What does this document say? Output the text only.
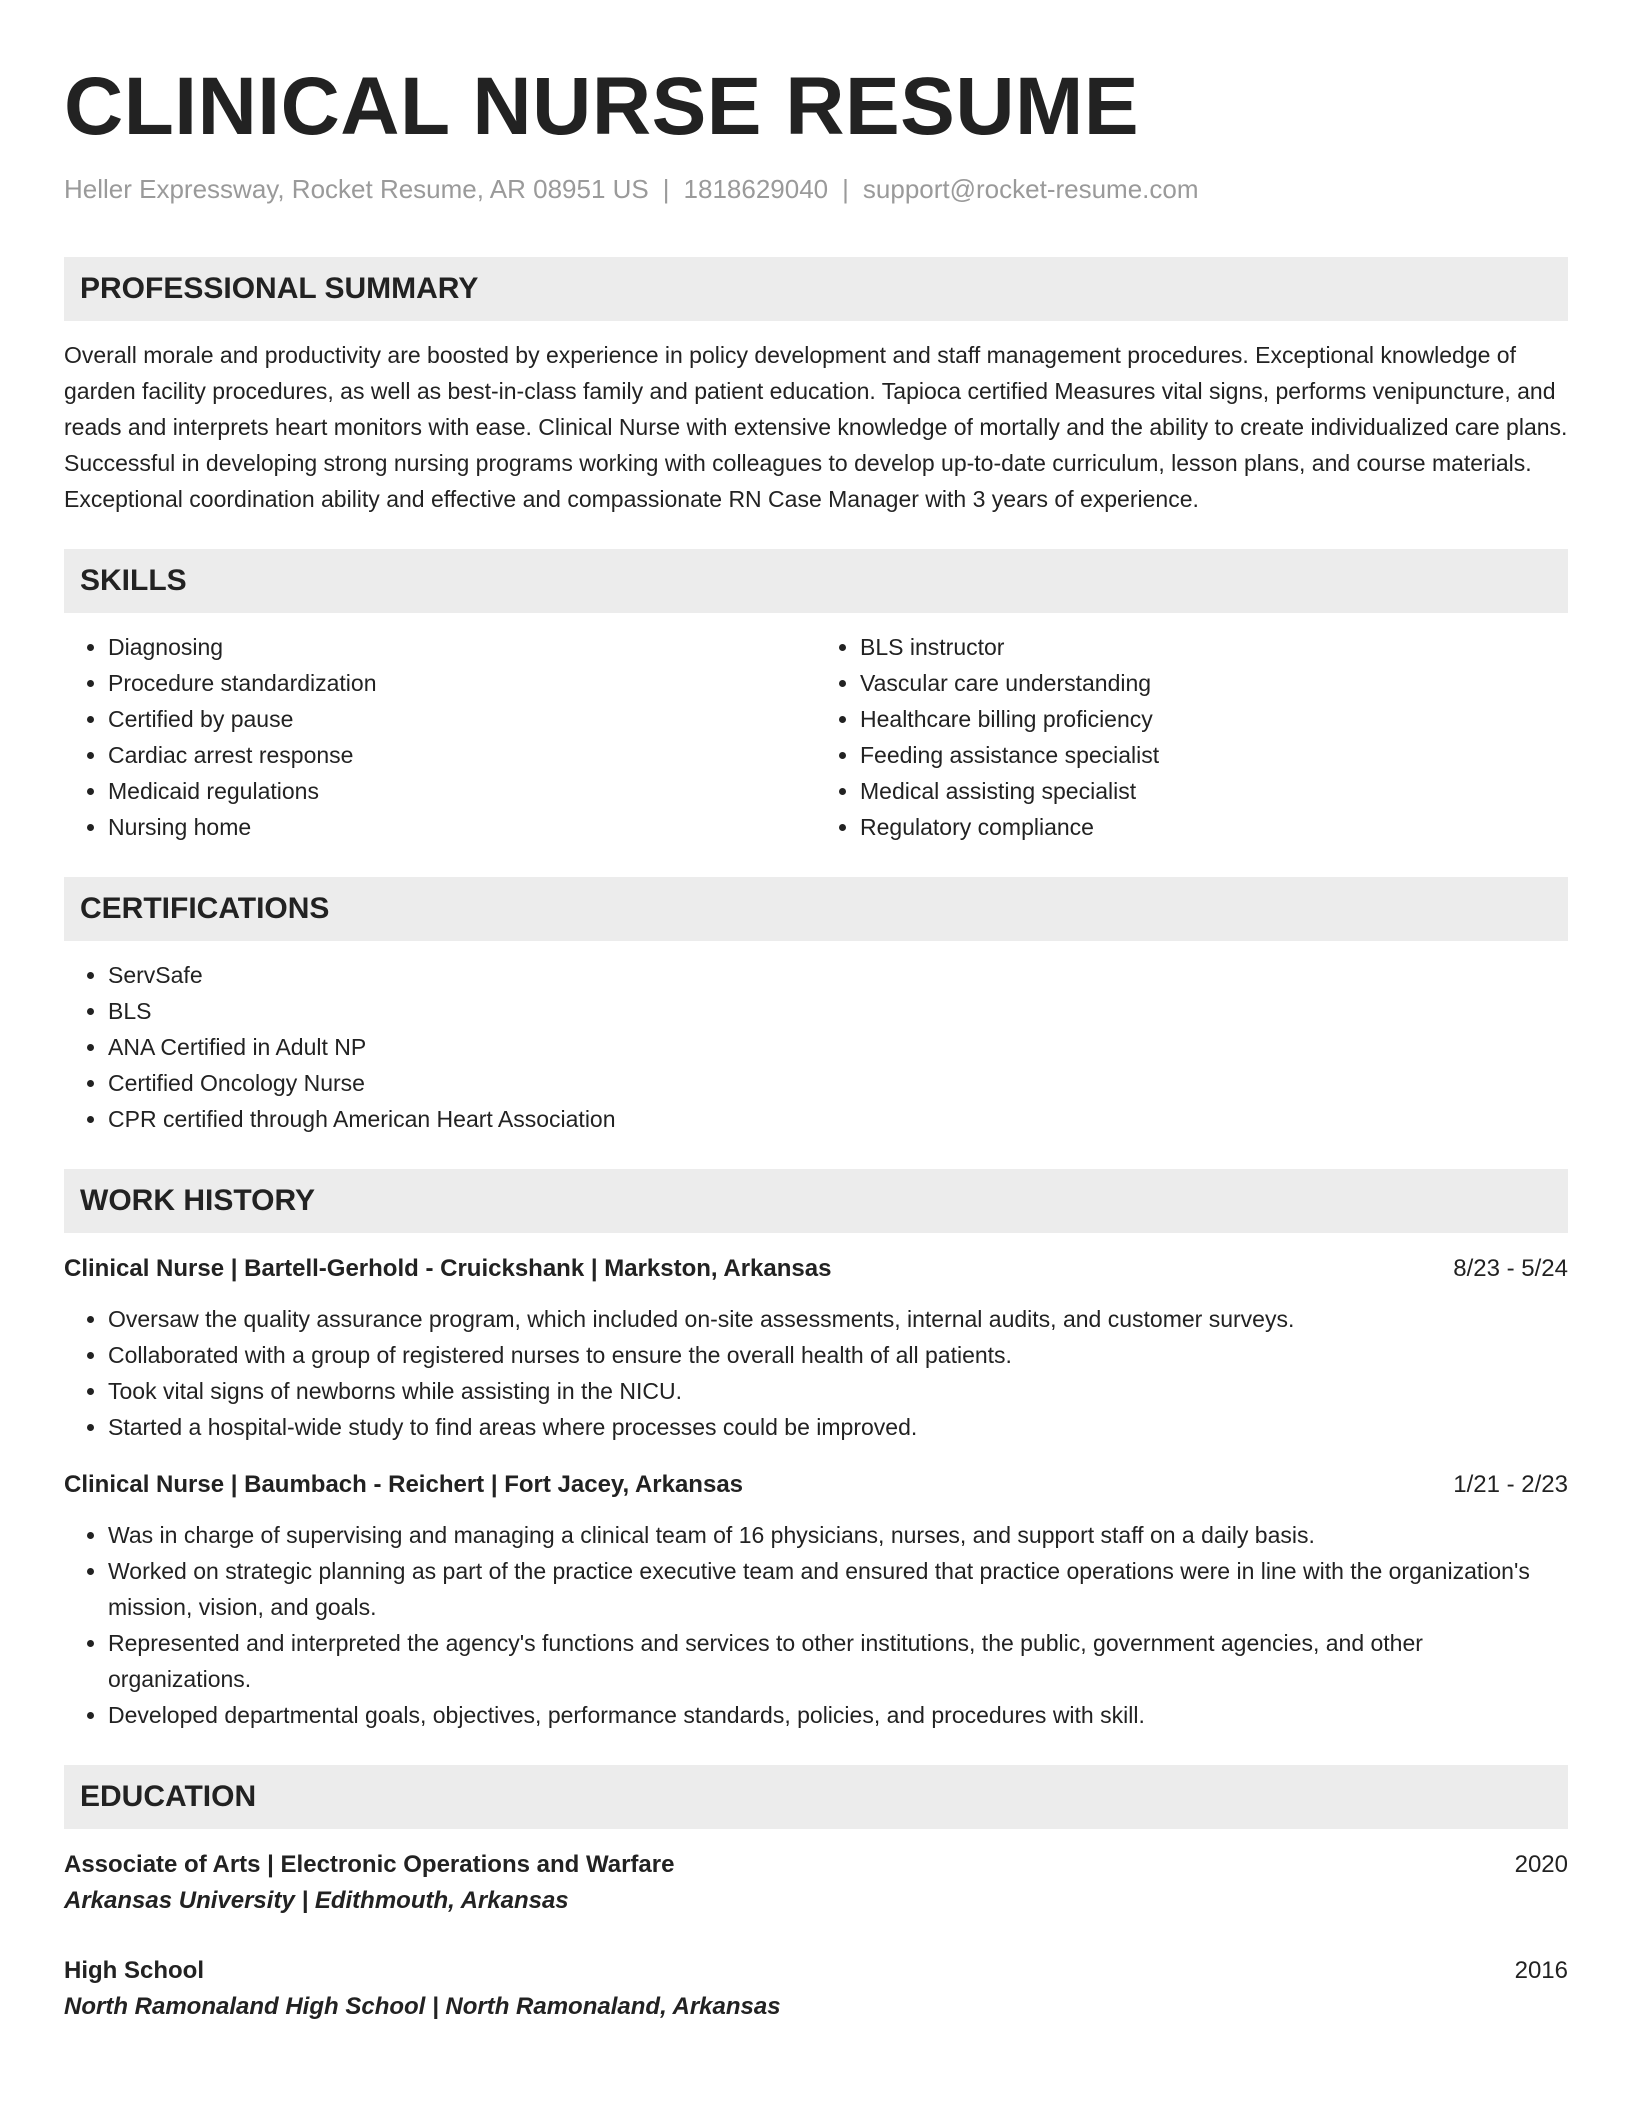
CLINICAL NURSE RESUME
Heller Expressway, Rocket Resume, AR 08951 US | 1818629040 | support@rocket-resume.com
PROFESSIONAL SUMMARY
Overall morale and productivity are boosted by experience in policy development and staff management procedures. Exceptional knowledge of garden facility procedures, as well as best-in-class family and patient education. Tapioca certified Measures vital signs, performs venipuncture, and reads and interprets heart monitors with ease. Clinical Nurse with extensive knowledge of mortally and the ability to create individualized care plans. Successful in developing strong nursing programs working with colleagues to develop up-to-date curriculum, lesson plans, and course materials. Exceptional coordination ability and effective and compassionate RN Case Manager with 3 years of experience.
SKILLS
• Diagnosing
• Procedure standardization
• Certified by pause
• Cardiac arrest response
• Medicaid regulations
• Nursing home
• BLS instructor
• Vascular care understanding
• Healthcare billing proficiency
• Feeding assistance specialist
• Medical assisting specialist
• Regulatory compliance
CERTIFICATIONS
• ServSafe
• BLS
• ANA Certified in Adult NP
• Certified Oncology Nurse
• CPR certified through American Heart Association
WORK HISTORY
Clinical Nurse | Bartell-Gerhold - Cruickshank | Markston, Arkansas	8/23 - 5/24
• Oversaw the quality assurance program, which included on-site assessments, internal audits, and customer surveys.
• Collaborated with a group of registered nurses to ensure the overall health of all patients.
• Took vital signs of newborns while assisting in the NICU.
• Started a hospital-wide study to find areas where processes could be improved.
Clinical Nurse | Baumbach - Reichert | Fort Jacey, Arkansas	1/21 - 2/23
• Was in charge of supervising and managing a clinical team of 16 physicians, nurses, and support staff on a daily basis.
• Worked on strategic planning as part of the practice executive team and ensured that practice operations were in line with the organization's mission, vision, and goals.
• Represented and interpreted the agency's functions and services to other institutions, the public, government agencies, and other organizations.
• Developed departmental goals, objectives, performance standards, policies, and procedures with skill.
EDUCATION
Associate of Arts | Electronic Operations and Warfare	2020
Arkansas University | Edithmouth, Arkansas
High School	2016
North Ramonaland High School | North Ramonaland, Arkansas
